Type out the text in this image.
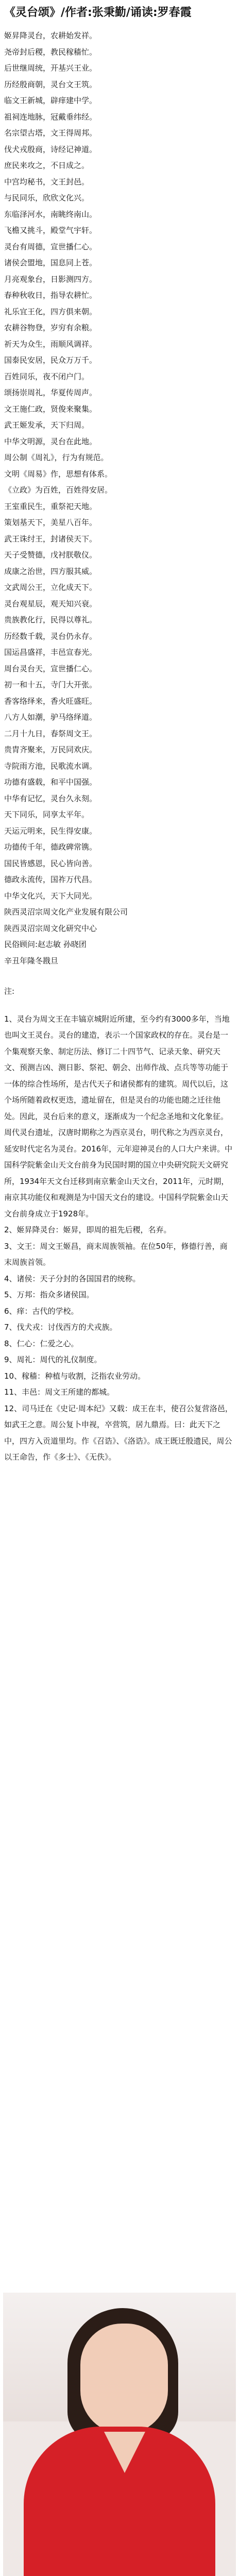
《灵台颂》/作者:张秉勤/诵读:罗春霞
姬昇降灵台，农耕始发祥。
尧帝封后稷，教民稼穑忙。
后世继周统，开基兴王业。
历经殷商朝，灵台文王筑。
临文王新城，辟痒建中学。
祖祠连地脉，冠戴垂纬经。
名宗望古塔，文王得周邦。
伐犬戎殷商，诗经记神道。
庶民来攻之，不日成之。
中宫均秘书，文王封邑。
与民同乐，欣欣文化兴。
东临泽河水，南眺终南山。
飞檐又挑斗，殿堂气宇轩。
灵台有周德，宣世播仁心。
诸侯会盟地，国息同上苍。
月亮观象台，日影测四方。
春种秋收日，指导农耕忙。
礼乐宜王化，四方俱来朝。
农耕谷物登，岁穷有余粮。
祈天为众生，雨顺风调祥。
国泰民安居，民众万万千。
百姓同乐，夜不闭户门。
颂扬崇周礼，华夏传周声。
文王施仁政，贤俊来聚集。
武王姬发承，天下归周。
中华文明源，灵台在此地。
周公制《周礼》，行为有规范。
文明《周易》作，思想有体系。
《立政》为百姓，百姓得安居。
王室重民生，重祭祀天地。
策划基天下，美星八百年。
武王诛纣王，封诸侯天下。
天子受赞德，戊衬朕敬仪。
成康之治世，四方服其威。
文武周公王，立化成天下。
灵台观星辰，观天知兴衰。
贵族教化行，民得以尊礼。
历经数千载，灵台仍永存。
国运昌盛祥，丰邑宣春光。
周台灵台天，宣世播仁心。
初一和十五，寺门大开张。
香客络绎来，香火旺盛旺。
八方人如潮，驴马络绎道。
二月十九日，春祭周文王。
贵胄齐聚来，万民同欢庆。
寺院雨方池，民歌流水调。
功德有盛载，和平中国强。
中华有记忆，灵台久永刻。
天下同乐，同享太平年。
天运元明来，民生得安康。
功德传千年，德政碑常镌。
国民皆感恩，民心皆向善。
德政永流传，国祚万代昌。
中华文化兴，天下大同光。
陕西灵沼宗周文化产业发展有限公司
陕西灵沼宗周文化研究中心
民俗顾问:赵志敏 孙晓团
辛丑年隆冬戡旦
注:
1、灵台为周文王在丰镐京城附近所建，至今约有3000多年，当地也叫文王灵台。灵台的建造，表示一个国家政权的存在。灵台是一个集观察天象、制定历法、修订二十四节气、记录天象、研究天文、预测吉凶、测日影、祭祀、朝会、出师作战、点兵等等功能于一体的综合性场所，是古代天子和诸侯都有的建筑。周代以后，这个场所随着政权更迭，遗址留在，但是灵台的功能也随之迁往他处。因此，灵台后来的意义，逐渐成为一个纪念圣地和文化象征。周代灵台遗址，汉唐时期称之为西京灵台，明代称之为西京灵台，延安时代定名为灵台。2016年，元年迎神灵台的人口大户来讲。中国科学院紫金山天文台前身为民国时期的国立中央研究院天文研究所，1934年天文台迁移到南京紫金山天文台，2011年，元时期，南京其功能仪和观测是为中国天文台的建设。中国科学院紫金山天文台前身成立于1928年。
2、姬昇降灵台：姬昇，即周的祖先后稷，名弃。
3、文王：周文王姬昌，商末周族领袖。在位50年，修德行善，商末周族首领。
4、诸侯：天子分封的各国国君的统称。
5、万邦：指众多诸侯国。
6、痒：古代的学校。
7、伐犬戎：讨伐西方的犬戎族。
8、仁心：仁爱之心。
9、周礼：周代的礼仪制度。
10、稼穑：种植与收割，泛指农业劳动。
11、丰邑：周文王所建的都城。
12、司马迁在《史记·周本纪》又载：成王在丰，使召公复营洛邑，如武王之意。周公复卜申视，卒营筑，居九鼎焉。曰：此天下之中，四方入贡道里均。作《召诰》、《洛诰》。成王既迁殷遗民，周公以王命告，作《多士》、《无佚》。
